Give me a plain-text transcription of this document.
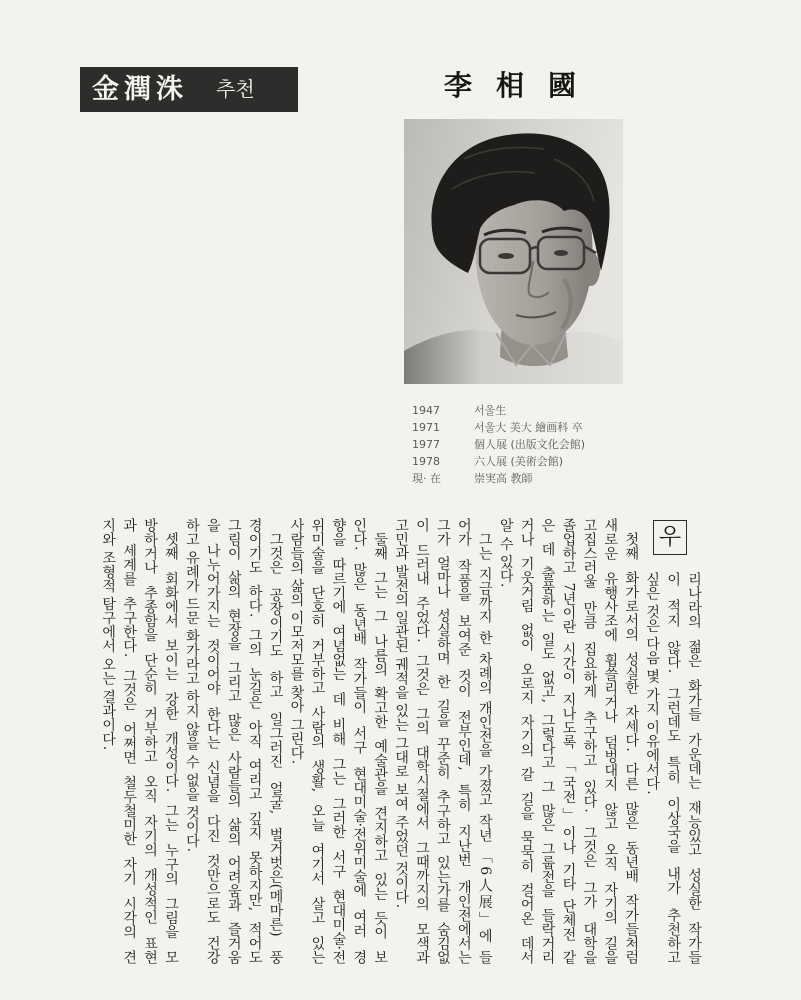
金潤洙 추천	李相國
1947	서울生
1971	서울大 美大 繪画科 卒
1977	個人展 (出版文化会館)
1978	六人展 (美術会館)
現· 在	崇実高 教師
우
리나라의 젊은 화가들 가운데는 재능있고 성실한 작가들
이 적지 않다. 그런데도 특히 이상국을 내가 추천하고
싶은 것은 다음 몇 가지 이유에서다.
첫째 화가로서의 성실한 자세다. 다른 많은 동년배 작가들처럼
새로운 유행사조에 휩쓸리거나 덤벙대지 않고 오직 자기의 길을
고집스러울 만큼 집요하게 추구하고 있다. 그것은 그가 대학을
졸업하고 7년이란 시간이 지나도록 「국전」이나 기타 단체전 같
은 데 출품하는 일도 없고, 그렇다고 그 많은 그룹전을 들락거리
거나 기웃거림 없이 오로지 자기의 갈 길을 묵묵히 걸어온 데서
알 수 있다.
그는 지금까지 한 차례의 개인전을 가졌고 작년 「6人展」에 들
어가 작품을 보여준 것이 전부인데, 특히 지난번 개인전에서는
그가 얼마나 성실하며 한 길을 꾸준히 추구하고 있는가를 숨김없
이 드러내 주었다. 그것은 그의 대학시절에서 그때까지의 모색과
고민과 발전의 일관된 궤적을 있는 그대로 보여 주었던 것이다.
둘째 그는 그 나름의 확고한 예술관을 견지하고 있는 듯이 보
인다. 많은 동년배 작가들이 서구 현대미술·전위미술에 여러 경
향을 따르기에 여념없는 데 비해 그는 그러한 서구 현대미술·전
위미술을 단호히 거부하고 사람의 생활, 오늘 여기서 살고 있는
사람들의 삶의 이모저모를 찾아 그린다.
그것은 공장이기도 하고 일그러진 얼굴, 벌거벗은(메마른) 풍
경이기도 하다. 그의 눈길은 아직 여리고 깊지 못하지만, 적어도
그림이 삶의 현장을 그리고 많은 사람들의 삶의 어려움과 즐거움
을 나누어가지는 것이어야 한다는 신념을 다진 것만으로도 건강
하고 유례가 드문 화가라고 하지 않을 수 없을 것이다.
셋째 회화에서 보이는 강한 개성이다. 그는 누구의 그림을 모
방하거나 추종함을 단순히 거부하고 오직 자기의 개성적인 표현
과 세계를 추구한다. 그것은 어쩌면 철두철미한 자기 시각의 견
지와 조형적 탐구에서 오는 결과이다.
